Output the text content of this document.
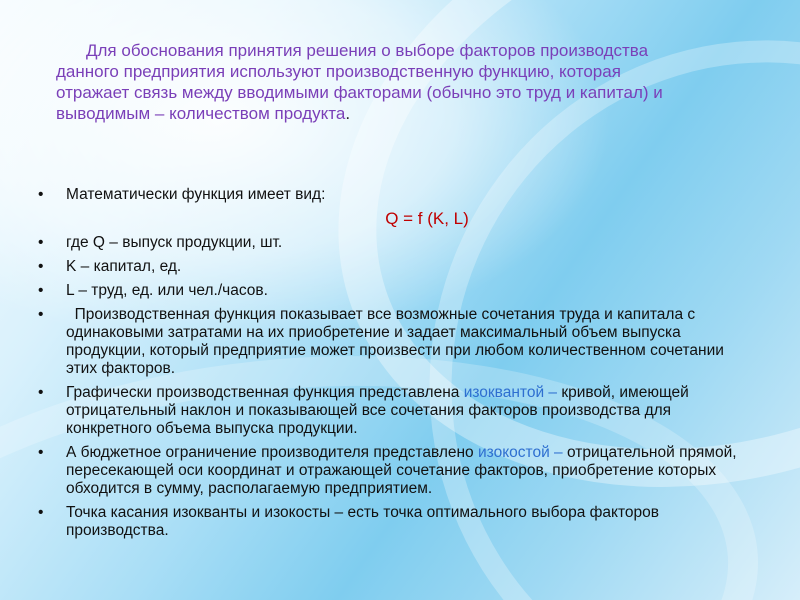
Для обоснования принятия решения о выборе факторов производства данного предприятия используют производственную функцию, которая отражает связь между вводимыми факторами (обычно это труд и капитал) и выводимым – количеством продукта.

• Математически функция имеет вид:
Q = f (K, L)
• где Q – выпуск продукции, шт.
• K – капитал, ед.
• L – труд, ед. или чел./часов.
•   Производственная функция показывает все возможные сочетания труда и капитала с одинаковыми затратами на их приобретение и задает максимальный объем выпуска продукции, который предприятие может произвести при любом количественном сочетании этих факторов.
• Графически производственная функция представлена изоквантой – кривой, имеющей отрицательный наклон и показывающей все сочетания факторов производства для конкретного объема выпуска продукции.
• А бюджетное ограничение производителя представлено изокостой – отрицательной прямой, пересекающей оси координат и отражающей сочетание факторов, приобретение которых обходится в сумму, располагаемую предприятием.
• Точка касания изокванты и изокосты – есть точка оптимального выбора факторов производства.
